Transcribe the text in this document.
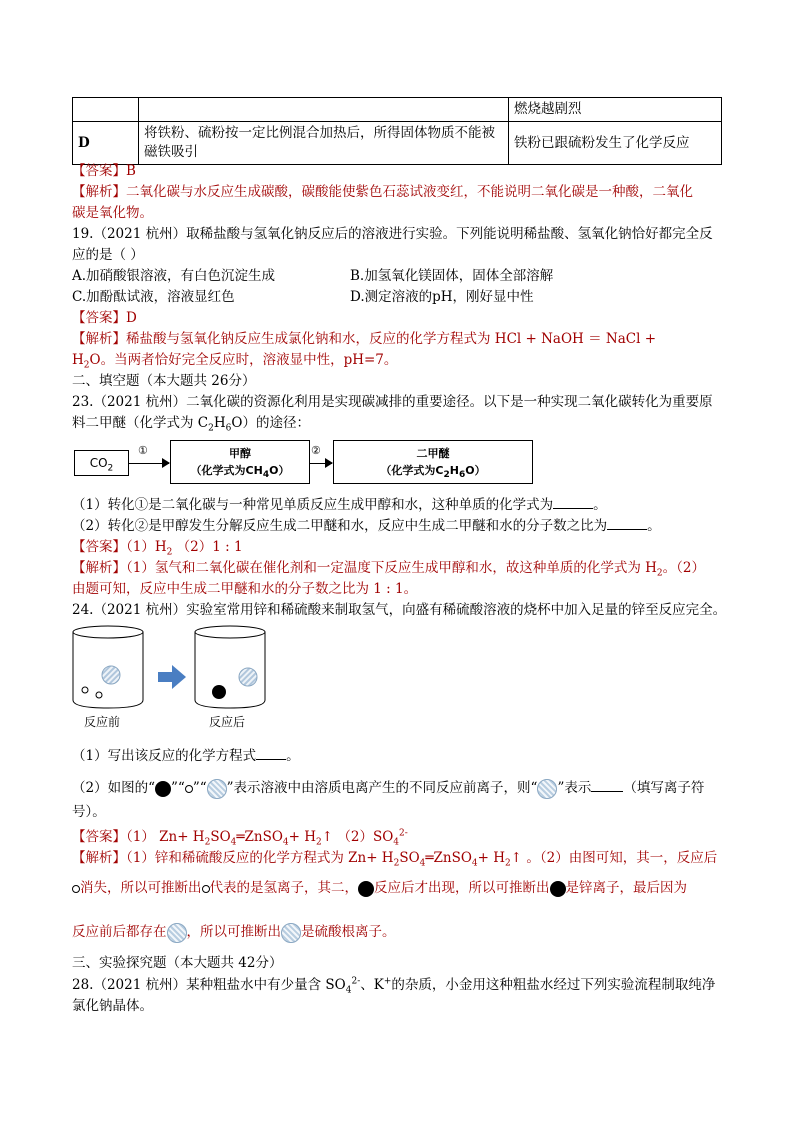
		燃烧越剧烈
D	将铁粉、硫粉按一定比例混合加热后，所得固体物质不能被磁铁吸引	铁粉已跟硫粉发生了化学反应
【答案】B
【解析】二氧化碳与水反应生成碳酸，碳酸能使紫色石蕊试液变红，不能说明二氧化碳是一种酸，二氧化
碳是氧化物。
19.（2021 杭州）取稀盐酸与氢氧化钠反应后的溶液进行实验。下列能说明稀盐酸、氢氧化钠恰好都完全反
应的是（ ）
A.加硝酸银溶液，有白色沉淀生成	B.加氢氧化镁固体，固体全部溶解
C.加酚酞试液，溶液显红色	D.测定溶液的pH，刚好显中性
【答案】D
【解析】稀盐酸与氢氧化钠反应生成氯化钠和水，反应的化学方程式为 HCl + NaOH ＝ NaCl +
$H_2O$。当两者恰好完全反应时，溶液显中性，pH=7。
二、填空题（本大题共 26分）
23.（2021 杭州）二氧化碳的资源化利用是实现碳减排的重要途径。以下是一种实现二氧化碳转化为重要原
料二甲醚（化学式为 $C_2H_6O$）的途径：
$CO_2$
①	甲醇
（化学式为$CH_4O$）
②	二甲醚
（化学式为$C_2H_6O$）
（1）转化①是二氧化碳与一种常见单质反应生成甲醇和水，这种单质的化学式为	。
（2）转化②是甲醇发生分解反应生成二甲醚和水，反应中生成二甲醚和水的分子数之比为	。
【答案】$(1)H_2$ （2）1 : 1
【解析】（1）氢气和二氧化碳在催化剂和一定温度下反应生成甲醇和水，故这种单质的化学式为 $H_2$。（2）
由题可知，反应中生成二甲醚和水的分子数之比为 1 : 1。
24.（2021 杭州）实验室常用锌和稀硫酸来制取氢气，向盛有稀硫酸溶液的烧杯中加入足量的锌至反应完全。
反应前	反应后
（1）写出该反应的化学方程式 。
（2）如图的“ ”“ ”“ ”表示溶液中由溶质电离产生的不同反应前离子，则“ ”表示 （填写离子符
号）。
【答案】（1） $Zn+ H_2SO_4═ZnSO_4+$ $H_2↑$ $(2)SO_4^{2-}$
【解析】（1）锌和稀硫酸反应的化学方程式为 $Zn+ H_2SO_4═ZnSO_4+$ $H_2↑$ 。（2）由图可知，其一，反应后
消失，所以可推断出 代表的是氢离子，其二， 反应后才出现，所以可推断出 是锌离子，最后因为
反应前后都存在 ，所以可推断出 是硫酸根离子。
三、实验探究题（本大题共 42分）
28.（2021 杭州）某种粗盐水中有少量含 $SO_4^{2-}$、K+的杂质，小金用这种粗盐水经过下列实验流程制取纯净
氯化钠晶体。
